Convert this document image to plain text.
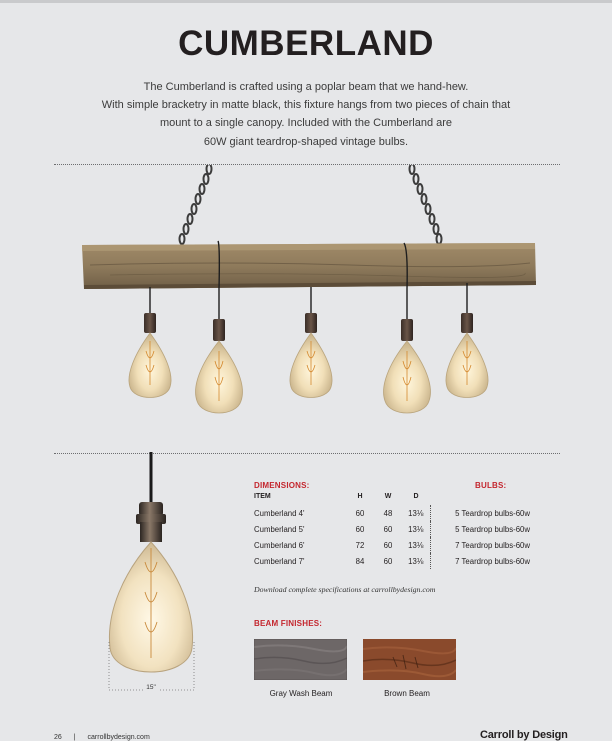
CUMBERLAND
The Cumberland is crafted using a poplar beam that we hand-hew.
With simple bracketry in matte black, this fixture hangs from two pieces of chain that
mount to a single canopy. Included with the Cumberland are
60W giant teardrop-shaped vintage bulbs.
15"
DIMENSIONS:	BULBS:
ITEM	H	W	D	
Cumberland 4'	60	48	13⅛	5 Teardrop bulbs-60w
Cumberland 5'	60	60	13⅛	5 Teardrop bulbs-60w
Cumberland 6'	72	60	13⅛	7 Teardrop bulbs-60w
Cumberland 7'	84	60	13⅛	7 Teardrop bulbs-60w
Download complete specifications at carrollbydesign.com
BEAM FINISHES:
Gray Wash Beam	Brown Beam
26 | carrollbydesign.com	Carroll by Design
